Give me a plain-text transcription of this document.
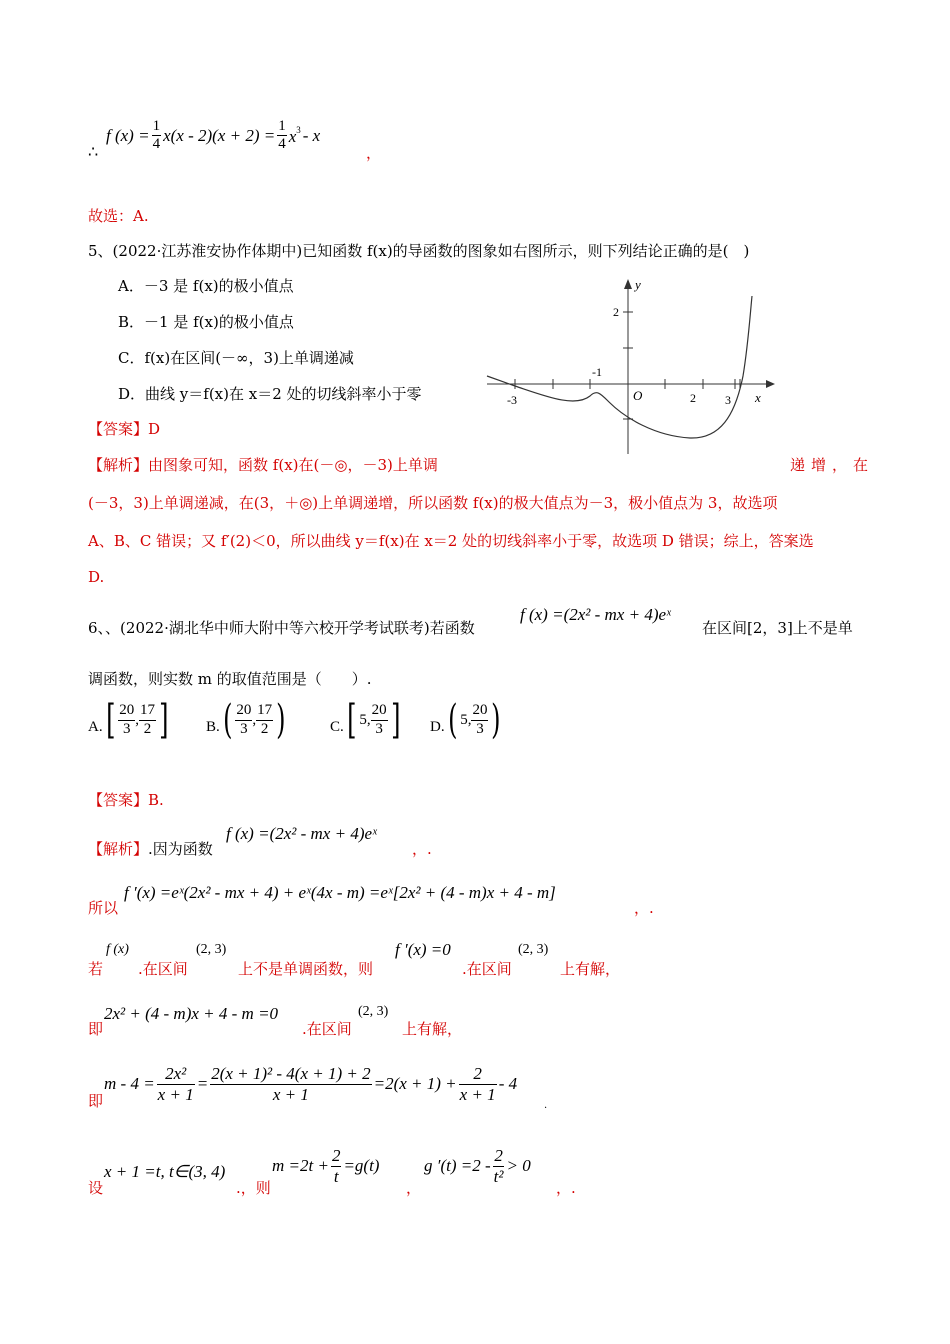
∴
f $(x) = \frac{1}{4} x(x - 2)(x + 2) = \frac{1}{4} x^3 - x$
，
故选：A.
5、(2022·江苏淮安协作体期中)已知函数 f(x)的导函数的图象如右图所示，则下列结论正确的是(　)
A．－3 是 f(x)的极小值点
B．－1 是 f(x)的极小值点
C．f(x)在区间(－∞，3)上单调递减
D．曲线 y＝f(x)在 x＝2 处的切线斜率小于零
【答案】D
【解析】由图象可知，函数 f(x)在(－◎，－3)上单调	递增，在
(－3，3)上单调递减，在(3，＋◎)上单调递增，所以函数 f(x)的极大值点为－3，极小值点为 3，故选项
A、B、C 错误；又 f′(2)＜0，所以曲线 y＝f(x)在 x＝2 处的切线斜率小于零，故选项 D 错误；综上，答案选
D.
y
x
2
O
-3
-1
2 3
6、、(2022·湖北华中师大附中等六校开学考试联考)若函数
f (x) =(2x² - mx + 4)eˣ
在区间[2，3]上不是单
调函数，则实数 m 的取值范围是（　　）.
A. [ $\frac{20}{3}$ , $\frac{17}{2}$ ]	B. ( $\frac{20}{3}$ , $\frac{17}{2}$ )	C. [ 5 , $\frac{20}{3}$ ] D. ( 5 , $\frac{20}{3}$ )
【答案】B.
【解析】.因为函数
f (x) =(2x² - mx + 4)eˣ
，.
所以
f ′(x) =eˣ(2x² - mx + 4) + eˣ(4x - m) =eˣ[2x² + (4 - m)x + 4 - m]
，.
若
f (x)
.在区间
(2, 3)
上不是单调函数，则
f ′(x) =0
.在区间
(2, 3)
上有解，
即
2x² + (4 - m)x + 4 - m =0
.在区间
(2, 3)
上有解，
即
$m - 4 = \frac{\text{2x²}}{x + 1} = \frac{\text{2(x + 1)² - 4(x + 1) + 2}}{x + 1} =2(x + 1) + \frac{2}{x + 1} - 4$
.
设
x + 1 =t, t∈(3, 4)
.，则
$m =2t + \frac{2}{t} =g(t)$
，
g $'(t) =2 - \frac{2}{\text{t²}} > 0$
，.
